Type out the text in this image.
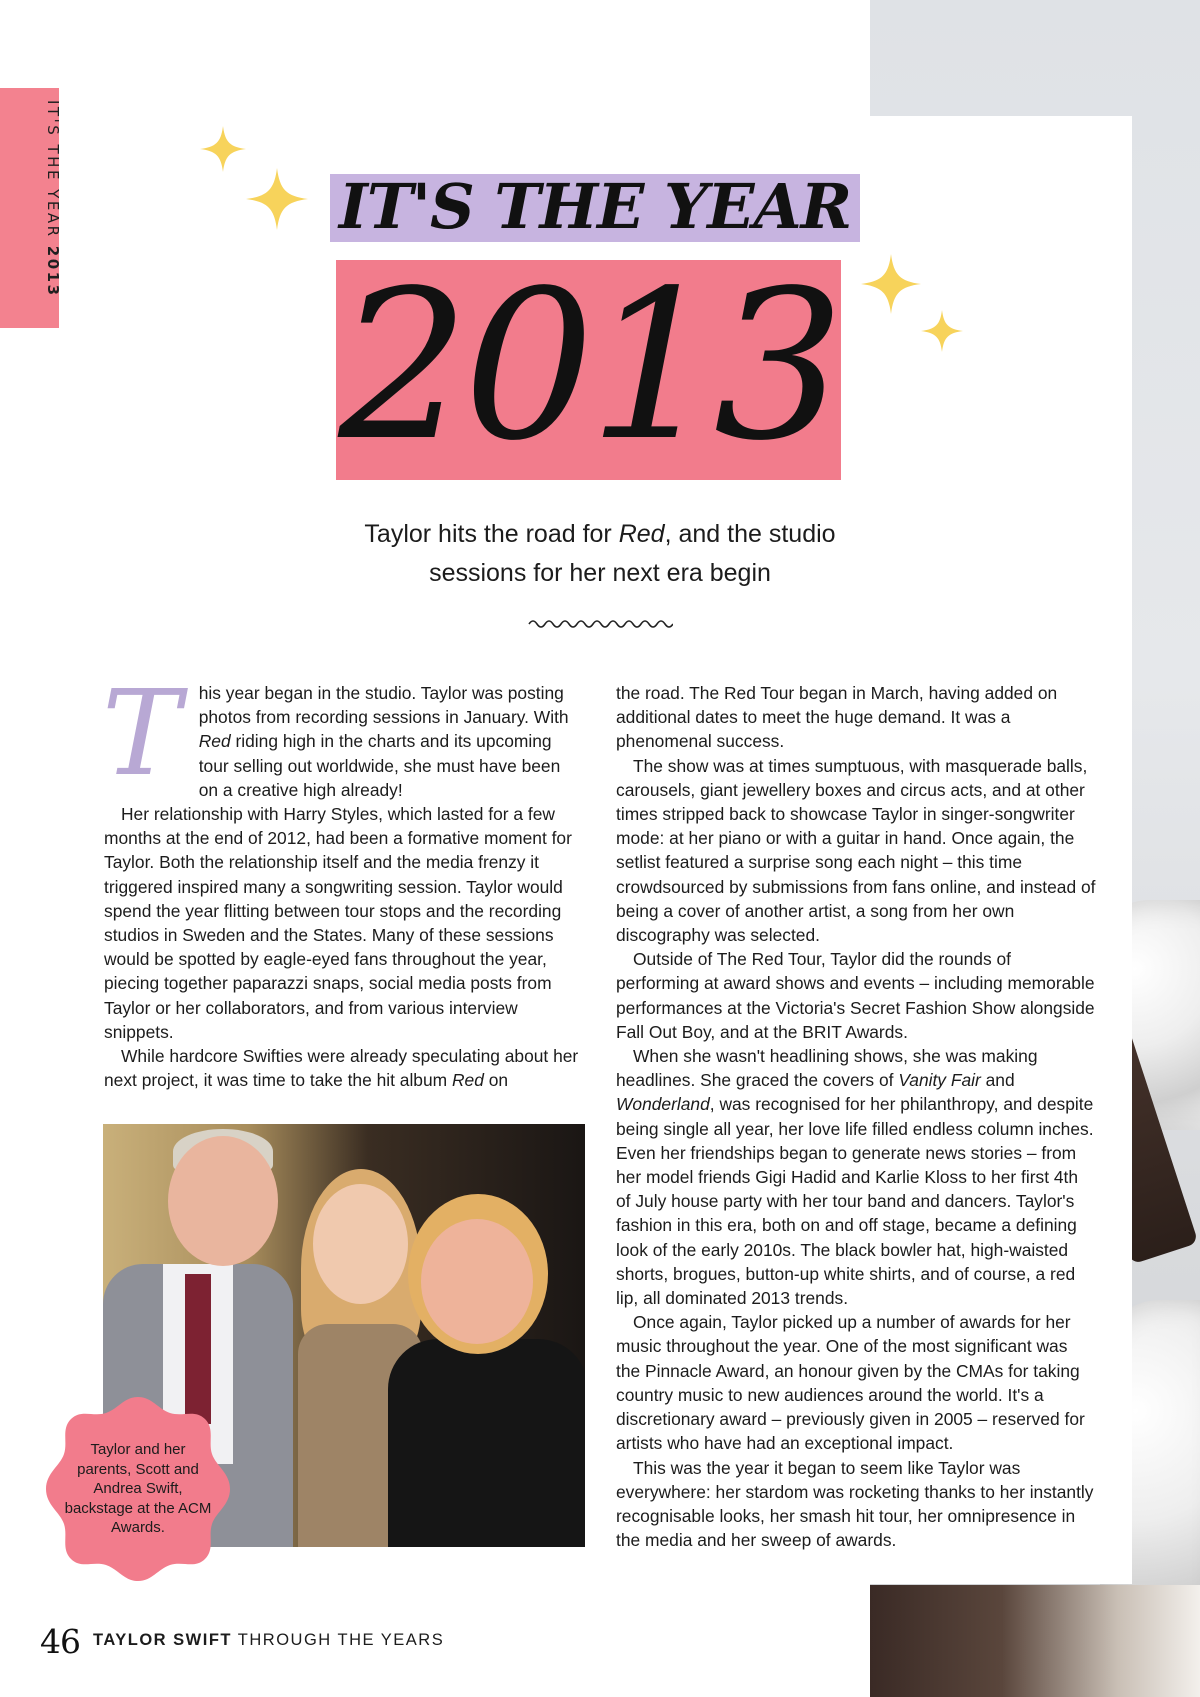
IT'S THE YEAR 2013
IT'S THE YEAR
2013
Taylor hits the road for Red, and the studio
sessions for her next era begin

T his year began in the studio. Taylor was posting photos from recording sessions in January. With Red riding high in the charts and its upcoming tour selling out worldwide, she must have been on a creative high already!

Her relationship with Harry Styles, which lasted for a few months at the end of 2012, had been a formative moment for Taylor. Both the relationship itself and the media frenzy it triggered inspired many a songwriting session. Taylor would spend the year flitting between tour stops and the recording studios in Sweden and the States. Many of these sessions would be spotted by eagle-eyed fans throughout the year, piecing together paparazzi snaps, social media posts from Taylor or her collaborators, and from various interview snippets.

While hardcore Swifties were already speculating about her next project, it was time to take the hit album Red on

the road. The Red Tour began in March, having added on additional dates to meet the huge demand. It was a phenomenal success.

The show was at times sumptuous, with masquerade balls, carousels, giant jewellery boxes and circus acts, and at other times stripped back to showcase Taylor in singer-songwriter mode: at her piano or with a guitar in hand. Once again, the setlist featured a surprise song each night – this time crowdsourced by submissions from fans online, and instead of being a cover of another artist, a song from her own discography was selected.

Outside of The Red Tour, Taylor did the rounds of performing at award shows and events – including memorable performances at the Victoria's Secret Fashion Show alongside Fall Out Boy, and at the BRIT Awards.

When she wasn't headlining shows, she was making headlines. She graced the covers of Vanity Fair and Wonderland, was recognised for her philanthropy, and despite being single all year, her love life filled endless column inches. Even her friendships began to generate news stories – from her model friends Gigi Hadid and Karlie Kloss to her first 4th of July house party with her tour band and dancers. Taylor's fashion in this era, both on and off stage, became a defining look of the early 2010s. The black bowler hat, high-waisted shorts, brogues, button-up white shirts, and of course, a red lip, all dominated 2013 trends.

Once again, Taylor picked up a number of awards for her music throughout the year. One of the most significant was the Pinnacle Award, an honour given by the CMAs for taking country music to new audiences around the world. It's a discretionary award – previously given in 2005 – reserved for artists who have had an exceptional impact.

This was the year it began to seem like Taylor was everywhere: her stardom was rocketing thanks to her instantly recognisable looks, her smash hit tour, her omnipresence in the media and her sweep of awards.

Taylor and her parents, Scott and Andrea Swift, backstage at the ACM Awards.
46 TAYLOR SWIFT THROUGH THE YEARS
